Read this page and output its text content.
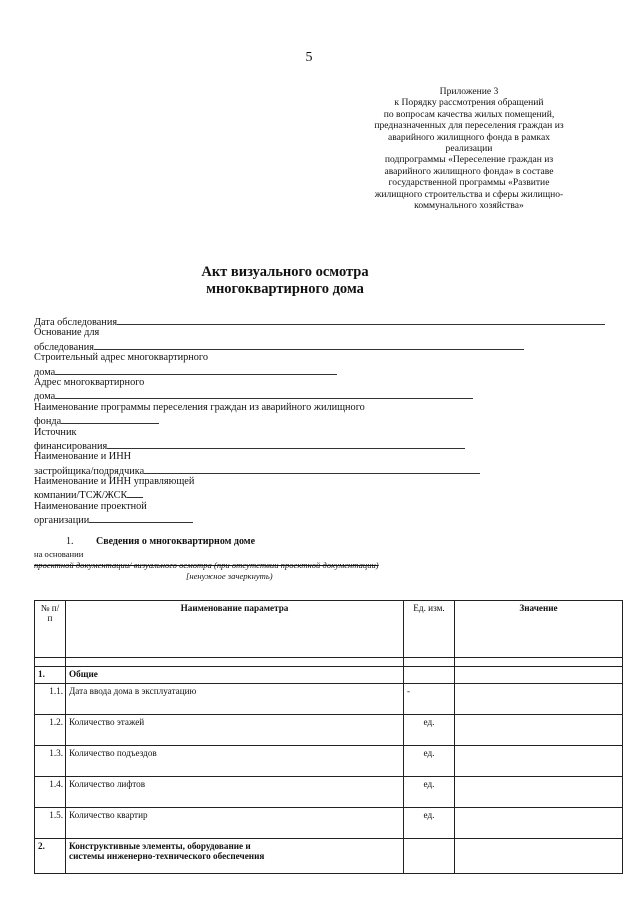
5
Приложение 3
к Порядку рассмотрения обращений
по вопросам качества жилых помещений,
предназначенных для переселения граждан из
аварийного жилищного фонда в рамках
реализации
подпрограммы «Переселение граждан из
аварийного жилищного фонда» в составе
государственной программы «Развитие
жилищного строительства и сферы жилищно-
коммунального хозяйства»
Акт визуального осмотра
многоквартирного дома
Дата обследования
Основание для
обследования
Строительный адрес многоквартирного
дома
Адрес многоквартирного
дома
Наименование программы переселения граждан из аварийного жилищного
фонда
Источник
финансирования
Наименование и ИНН
застройщика/подрядчика
Наименование и ИНН управляющей
компании/ТСЖ/ЖСК
Наименование проектной
организации
1. Сведения о многоквартирном доме
на основании
проектной документации/ визуального осмотра (при отсутствии проектной документации)
[ненужное зачеркнуть)
№ п/ п	Наименование параметра	Ед. изм.	Значение

1.	Общие		
1.1.	Дата ввода дома в эксплуатацию	-	
1.2.	Количество этажей	ед.	
1.3.	Количество подъездов	ед.	
1.4.	Количество лифтов	ед.	
1.5.	Количество квартир	ед.	
2.	Конструктивные элементы, оборудование и
системы инженерно-технического обеспечения		
